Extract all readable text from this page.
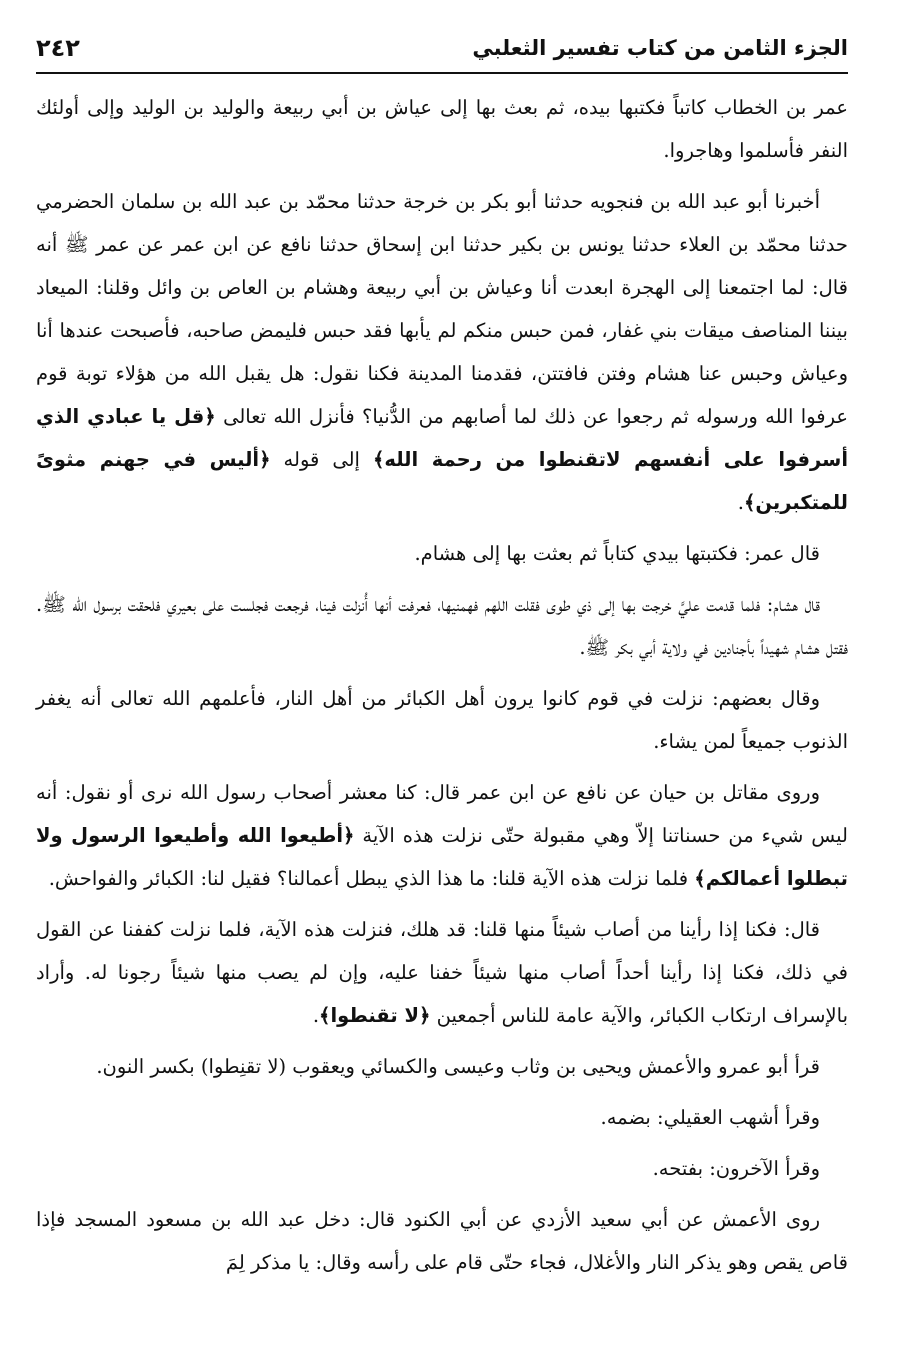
الجزء الثامن من كتاب تفسير الثعلبي
٢٤٢

عمر بن الخطاب كاتباً فكتبها بيده، ثم بعث بها إلى عياش بن أبي ربيعة والوليد بن الوليد وإلى أولئك النفر فأسلموا وهاجروا.

أخبرنا أبو عبد الله بن فنجويه حدثنا أبو بكر بن خرجة حدثنا محمّد بن عبد الله بن سلمان الحضرمي حدثنا محمّد بن العلاء حدثنا يونس بن بكير حدثنا ابن إسحاق حدثنا نافع عن ابن عمر عن عمر ﷺ أنه قال: لما اجتمعنا إلى الهجرة ابعدت أنا وعياش بن أبي ربيعة وهشام بن العاص بن وائل وقلنا: الميعاد بيننا المناصف ميقات بني غفار، فمن حبس منكم لم يأبها فقد حبس فليمض صاحبه، فأصبحت عندها أنا وعياش وحبس عنا هشام وفتن فافتتن، فقدمنا المدينة فكنا نقول: هل يقبل الله من هؤلاء توبة قوم عرفوا الله ورسوله ثم رجعوا عن ذلك لما أصابهم من الدُّنيا؟ فأنزل الله تعالى ﴿قل يا عبادي الذي أسرفوا على أنفسهم لاتقنطوا من رحمة الله﴾ إلى قوله ﴿أليس في جهنم مثوىً للمتكبرين﴾.

قال عمر: فكتبتها بيدي كتاباً ثم بعثت بها إلى هشام.

قال هشام: فلما قدمت عليَّ خرجت بها إلى ذي طوى فقلت اللهم فهمنيها، فعرفت أنها أُنزلت فينا، فرجعت فجلست على بعيري فلحقت برسول الله ﷺ. فقتل هشام شهيداً بأجنادين في ولاية أبي بكر ﷺ.

وقال بعضهم: نزلت في قوم كانوا يرون أهل الكبائر من أهل النار، فأعلمهم الله تعالى أنه يغفر الذنوب جميعاً لمن يشاء.

وروى مقاتل بن حيان عن نافع عن ابن عمر قال: كنا معشر أصحاب رسول الله نرى أو نقول: أنه ليس شيء من حسناتنا إلاّ وهي مقبولة حتّى نزلت هذه الآية ﴿أطيعوا الله وأطيعوا الرسول ولا تبطلوا أعمالكم﴾ فلما نزلت هذه الآية قلنا: ما هذا الذي يبطل أعمالنا؟ فقيل لنا: الكبائر والفواحش.

قال: فكنا إذا رأينا من أصاب شيئاً منها قلنا: قد هلك، فنزلت هذه الآية، فلما نزلت كففنا عن القول في ذلك، فكنا إذا رأينا أحداً أصاب منها شيئاً خفنا عليه، وإن لم يصب منها شيئاً رجونا له. وأراد بالإسراف ارتكاب الكبائر، والآية عامة للناس أجمعين ﴿لا تقنطوا﴾.

قرأ أبو عمرو والأعمش ويحيى بن وثاب وعيسى والكسائي ويعقوب (لا تقنِطوا) بكسر النون.

وقرأ أشهب العقيلي: بضمه.

وقرأ الآخرون: بفتحه.

روى الأعمش عن أبي سعيد الأزدي عن أبي الكنود قال: دخل عبد الله بن مسعود المسجد فإذا قاص يقص وهو يذكر النار والأغلال، فجاء حتّى قام على رأسه وقال: يا مذكر لِمَ
